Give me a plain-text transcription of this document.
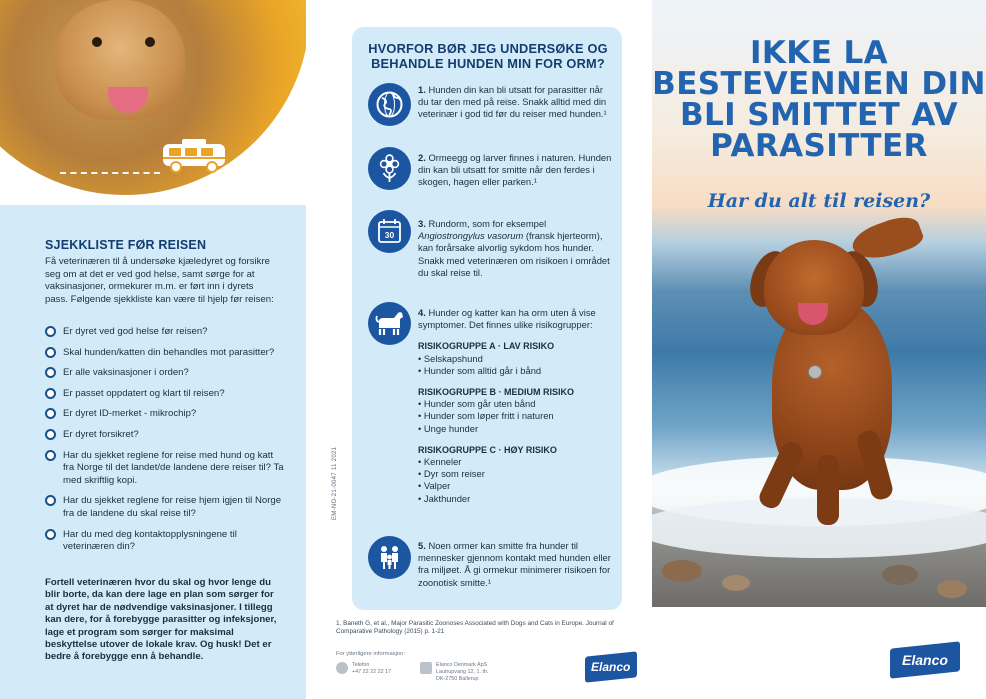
SJEKKLISTE FØR REISEN

Få veterinæren til å undersøke kjæledyret og forsikre seg om at det er ved god helse, samt sørge for at vaksinasjoner, ormekurer m.m. er ført inn i dyrets pass. Følgende sjekkliste kan være til hjelp før reisen:

Er dyret ved god helse før reisen?
Skal hunden/katten din behandles mot parasitter?
Er alle vaksinasjoner i orden?
Er passet oppdatert og klart til reisen?
Er dyret ID-merket - mikrochip?
Er dyret forsikret?
Har du sjekket reglene for reise med hund og katt fra Norge til det landet/de landene dere reiser til? Ta med skriftlig kopi.
Har du sjekket reglene for reise hjem igjen til Norge fra de landene du skal reise til?
Har du med deg kontaktopplysningene til veterinæren din?

Fortell veterinæren hvor du skal og hvor lenge du blir borte, da kan dere lage en plan som sørger for at dyret har de nødvendige vaksinasjoner. I tillegg kan dere, for å forebygge parasitter og infeksjoner, lage et program som sørger for maksimal beskyttelse utover de lokale krav. Og husk! Det er bedre å forebygge enn å behandle.

HVORFOR BØR JEG UNDERSØKE OG BEHANDLE HUNDEN MIN FOR ORM?

1. Hunden din kan bli utsatt for parasitter når du tar den med på reise. Snakk alltid med din veterinær i god tid før du reiser med hunden.¹

2. Ormeegg og larver finnes i naturen. Hunden din kan bli utsatt for smitte når den ferdes i skogen, hagen eller parken.¹

30

3. Rundorm, som for eksempel Angiostrongylus vasorum (fransk hjerteorm), kan forårsake alvorlig sykdom hos hunder. Snakk med veterinæren om risikoen i området du skal reise til.

4. Hunder og katter kan ha orm uten å vise symptomer. Det finnes ulike risikogrupper:

RISIKOGRUPPE A · LAV RISIKO

• Selskapshund

• Hunder som alltid går i bånd

RISIKOGRUPPE B · MEDIUM RISIKO

• Hunder som går uten bånd

• Hunder som løper fritt i naturen

• Unge hunder

RISIKOGRUPPE C · HØY RISIKO

• Kenneler

• Dyr som reiser

• Valper

• Jakthunder

5. Noen ormer kan smitte fra hunder til mennesker gjennom kontakt med hunden eller fra miljøet. Å gi ormekur minimerer risikoen for zoonotisk smitte.¹

EM-NO-21-0047 11 2021

1. Baneth G, et al., Major Parasitic Zoonoses Associated with Dogs and Cats in Europe. Journal of Comparative Pathology (2015) p. 1-21

For ytterligere informasjon:

Telefon

+47 22 22 22 17

Elanco Denmark ApS

Lautrupvang 12, 1. th.

DK-2750 Ballerup

Elanco
IKKE LA
BESTEVENNEN DIN
BLI SMITTET AV
PARASITTER

Har du alt til reisen?

Elanco
